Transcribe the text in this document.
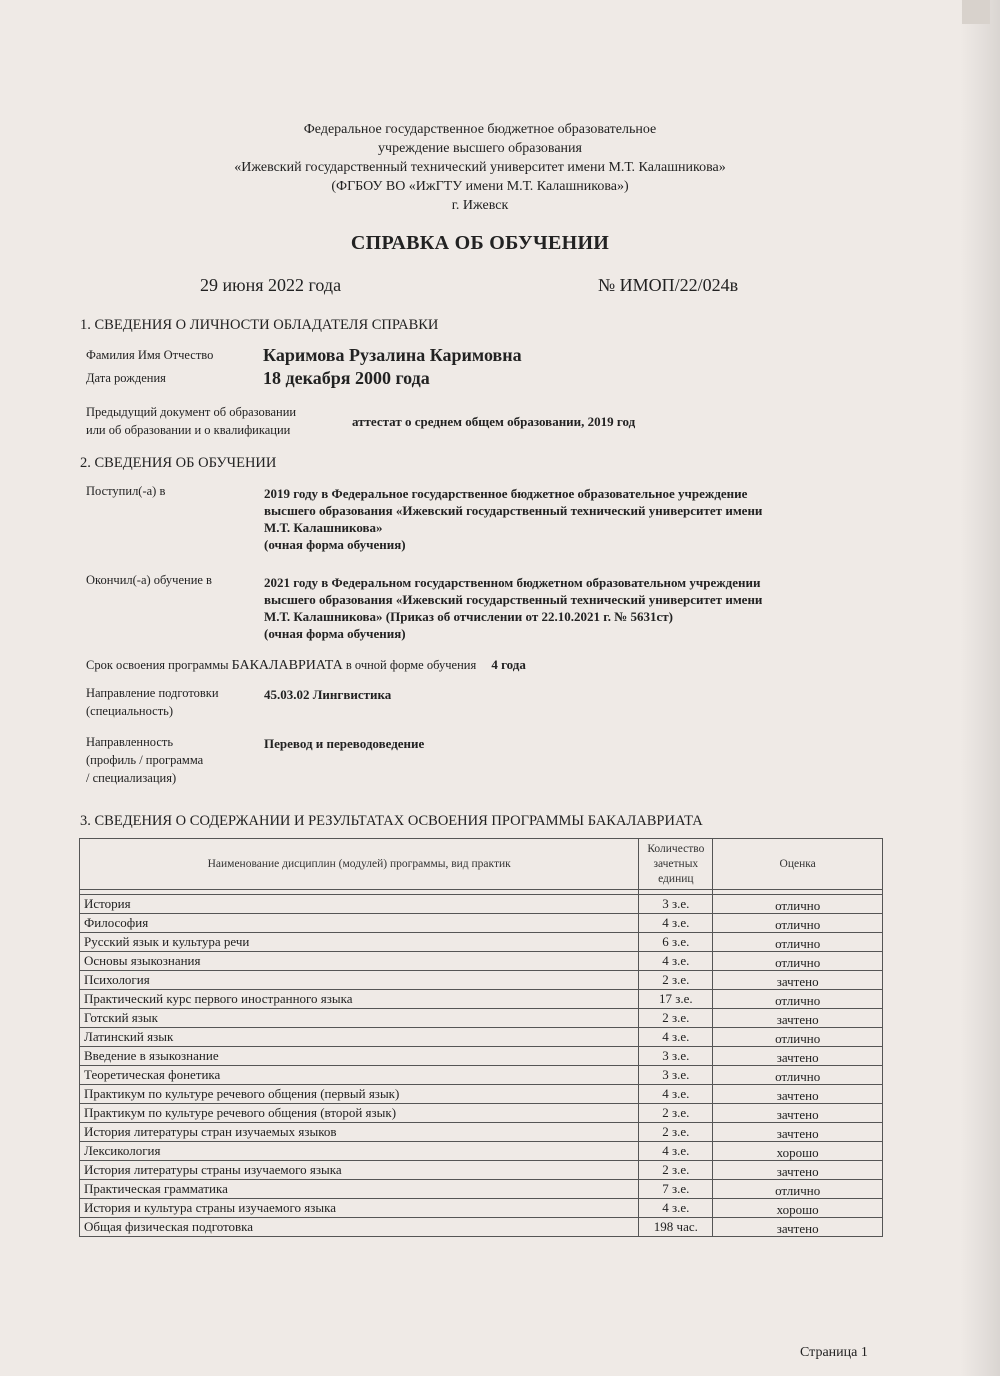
Федеральное государственное бюджетное образовательное
учреждение высшего образования
«Ижевский государственный технический университет имени М.Т. Калашникова»
(ФГБОУ ВО «ИжГТУ имени М.Т. Калашникова»)
г. Ижевск
СПРАВКА ОБ ОБУЧЕНИИ
29 июня 2022 года	№ ИМОП/22/024в
1. СВЕДЕНИЯ О ЛИЧНОСТИ ОБЛАДАТЕЛЯ СПРАВКИ
Фамилия Имя Отчество	Каримова Рузалина Каримовна
Дата рождения	18 декабря 2000 года
Предыдущий документ об образовании
или об образовании и о квалификации
аттестат о среднем общем образовании, 2019 год
2. СВЕДЕНИЯ ОБ ОБУЧЕНИИ
Поступил(-а) в	2019 году в Федеральное государственное бюджетное образовательное учреждение
высшего образования «Ижевский государственный технический университет имени
М.Т. Калашникова»
(очная форма обучения)
Окончил(-а) обучение в	2021 году в Федеральном государственном бюджетном образовательном учреждении
высшего образования «Ижевский государственный технический университет имени
М.Т. Калашникова» (Приказ об отчислении от 22.10.2021 г. № 5631ст)
(очная форма обучения)
Срок освоения программы БАКАЛАВРИАТА в очной форме обучения 4 года
Направление подготовки
(специальность)
45.03.02 Лингвистика
Направленность
(профиль / программа
/ специализация)
Перевод и переводоведение
3. СВЕДЕНИЯ О СОДЕРЖАНИИ И РЕЗУЛЬТАТАХ ОСВОЕНИЯ ПРОГРАММЫ БАКАЛАВРИАТА
Наименование дисциплин (модулей) программы, вид практик	Количество
зачетных
единиц	Оценка

История	3 з.е.	отлично
Философия	4 з.е.	отлично
Русский язык и культура речи	6 з.е.	отлично
Основы языкознания	4 з.е.	отлично
Психология	2 з.е.	зачтено
Практический курс первого иностранного языка	17 з.е.	отлично
Готский язык	2 з.е.	зачтено
Латинский язык	4 з.е.	отлично
Введение в языкознание	3 з.е.	зачтено
Теоретическая фонетика	3 з.е.	отлично
Практикум по культуре речевого общения (первый язык)	4 з.е.	зачтено
Практикум по культуре речевого общения (второй язык)	2 з.е.	зачтено
История литературы стран изучаемых языков	2 з.е.	зачтено
Лексикология	4 з.е.	хорошо
История литературы страны изучаемого языка	2 з.е.	зачтено
Практическая грамматика	7 з.е.	отлично
История и культура страны изучаемого языка	4 з.е.	хорошо
Общая физическая подготовка	198 час.	зачтено
Страница 1
